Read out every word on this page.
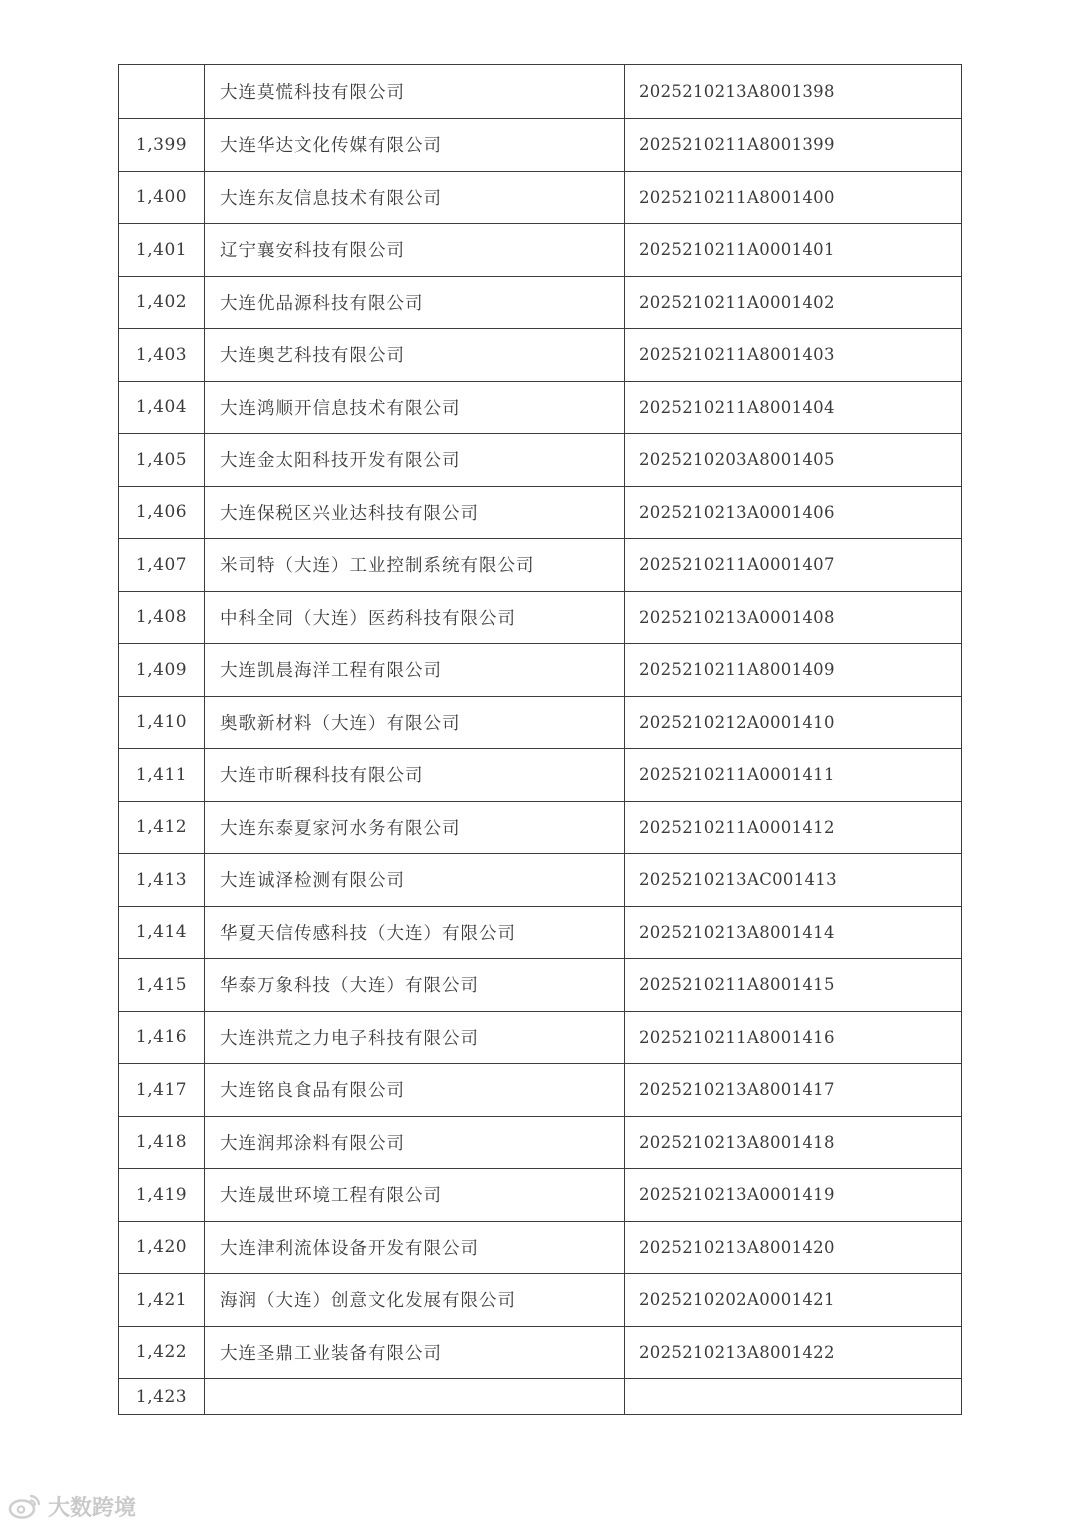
	大连莫慌科技有限公司	2025210213A8001398
1,399	大连华达文化传媒有限公司	2025210211A8001399
1,400	大连东友信息技术有限公司	2025210211A8001400
1,401	辽宁襄安科技有限公司	2025210211A0001401
1,402	大连优品源科技有限公司	2025210211A0001402
1,403	大连奥艺科技有限公司	2025210211A8001403
1,404	大连鸿顺开信息技术有限公司	2025210211A8001404
1,405	大连金太阳科技开发有限公司	2025210203A8001405
1,406	大连保税区兴业达科技有限公司	2025210213A0001406
1,407	米司特（大连）工业控制系统有限公司	2025210211A0001407
1,408	中科全同（大连）医药科技有限公司	2025210213A0001408
1,409	大连凯晨海洋工程有限公司	2025210211A8001409
1,410	奥歌新材料（大连）有限公司	2025210212A0001410
1,411	大连市昕稞科技有限公司	2025210211A0001411
1,412	大连东泰夏家河水务有限公司	2025210211A0001412
1,413	大连诚泽检测有限公司	2025210213AC001413
1,414	华夏天信传感科技（大连）有限公司	2025210213A8001414
1,415	华泰万象科技（大连）有限公司	2025210211A8001415
1,416	大连洪荒之力电子科技有限公司	2025210211A8001416
1,417	大连铭良食品有限公司	2025210213A8001417
1,418	大连润邦涂料有限公司	2025210213A8001418
1,419	大连晟世环境工程有限公司	2025210213A0001419
1,420	大连津利流体设备开发有限公司	2025210213A8001420
1,421	海润（大连）创意文化发展有限公司	2025210202A0001421
1,422	大连圣鼎工业装备有限公司	2025210213A8001422
1,423		
大数跨境
